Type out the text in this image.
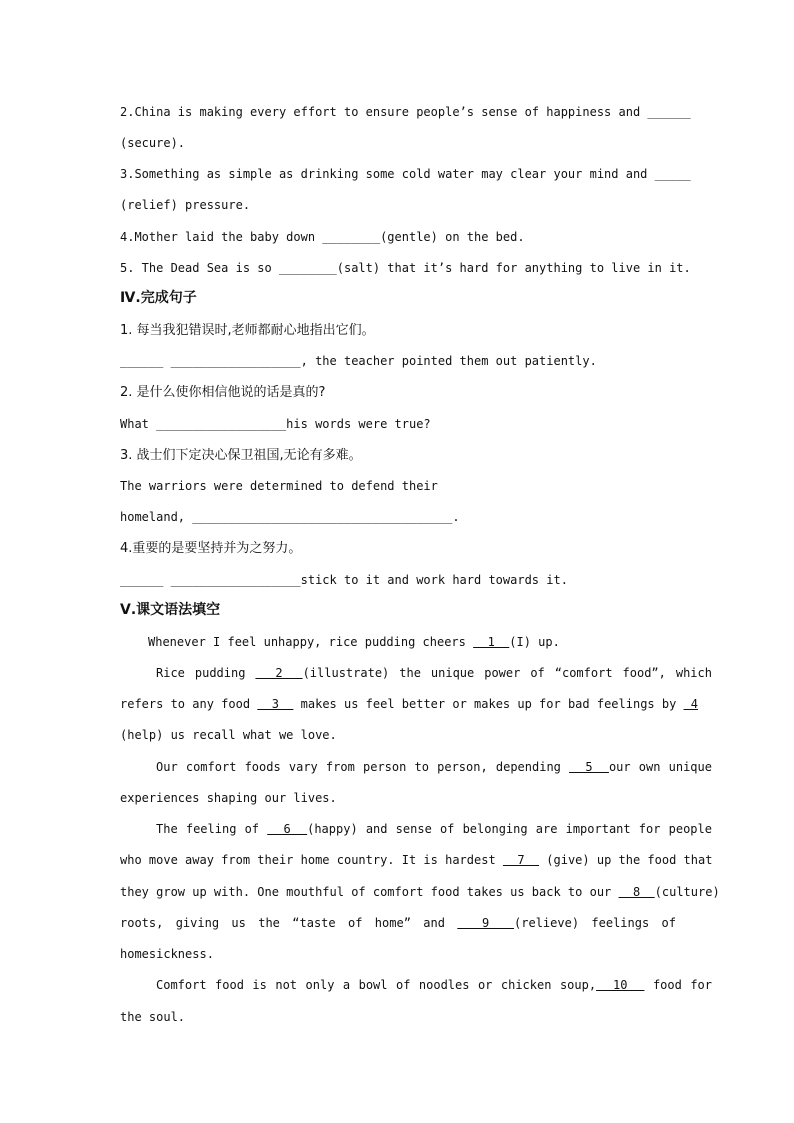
2.China is making every effort to ensure people’s sense of happiness and ______
(secure).
3.Something as simple as drinking some cold water may clear your mind and _____
(relief) pressure.
4.Mother laid the baby down ________(gentle) on the bed.
5. The Dead Sea is so ________(salt) that it’s hard for anything to live in it.
Ⅳ.完成句子
1. 每当我犯错误时,老师都耐心地指出它们。
______ __________________, the teacher pointed them out patiently.
2. 是什么使你相信他说的话是真的?
What __________________his words were true?
3. 战士们下定决心保卫祖国,无论有多难。
The warriors were determined to defend their
homeland, ____________________________________.
4.重要的是要坚持并为之努力。
______ __________________stick to it and work hard towards it.
Ⅴ.课文语法填空
Whenever I feel unhappy, rice pudding cheers   1  (I) up.
Rice pudding   2  (illustrate) the unique power of “comfort food”, which
refers to any food   3   makes us feel better or makes up for bad feelings by  4
(help) us recall what we love.
Our comfort foods vary from person to person, depending   5  our own unique
experiences shaping our lives.
The feeling of   6  (happy) and sense of belonging are important for people
who move away from their home country. It is hardest   7   (give) up the food that
they grow up with. One mouthful of comfort food takes us back to our   8  (culture)
roots, giving us the “taste of home” and   9  (relieve) feelings of
homesickness.
Comfort food is not only a bowl of noodles or chicken soup,  10   food for
the soul.
